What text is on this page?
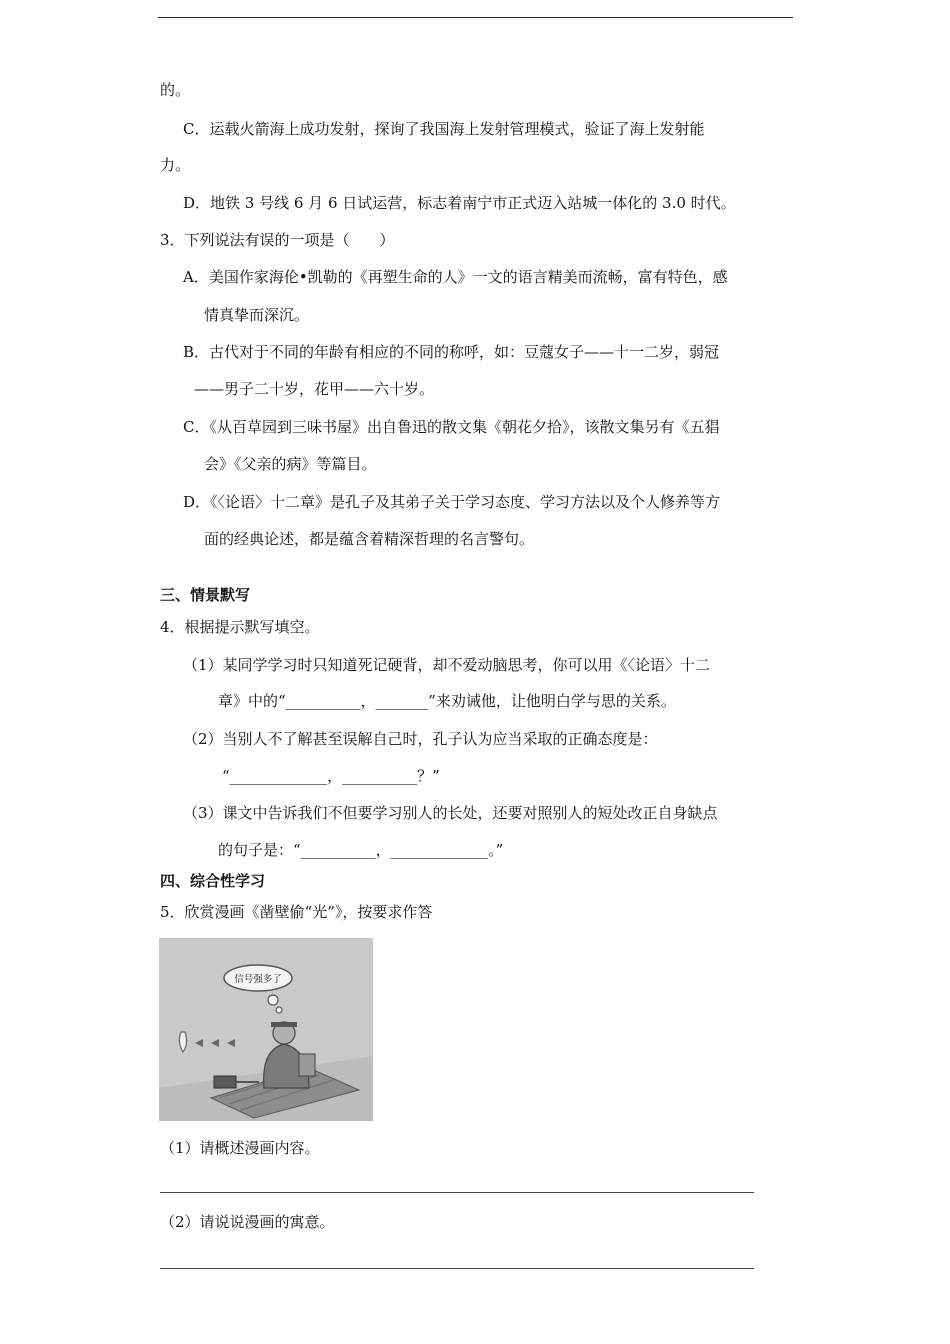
的。
C．运载火箭海上成功发射，探询了我国海上发射管理模式，验证了海上发射能
力。
D．地铁 3 号线 6 月 6 日试运营，标志着南宁市正式迈入站城一体化的 3.0 时代。
3．下列说法有误的一项是（　　）
A．美国作家海伦•凯勒的《再塑生命的人》一文的语言精美而流畅，富有特色，感
情真挚而深沉。
B．古代对于不同的年龄有相应的不同的称呼，如：豆蔻女子——十一二岁，弱冠
——男子二十岁，花甲——六十岁。
C．《从百草园到三味书屋》出自鲁迅的散文集《朝花夕拾》，该散文集另有《五猖
会》《父亲的病》等篇目。
D．《〈论语〉十二章》是孔子及其弟子关于学习态度、学习方法以及个人修养等方
面的经典论述，都是蕴含着精深哲理的名言警句。
三、情景默写
4．根据提示默写填空。
（1）某同学学习时只知道死记硬背，却不爱动脑思考，你可以用《〈论语〉十二
章》中的“__________，_______”来劝诫他，让他明白学与思的关系。
（2）当别人不了解甚至误解自己时，孔子认为应当采取的正确态度是：
“_____________，__________？”
（3）课文中告诉我们不但要学习别人的长处，还要对照别人的短处改正自身缺点
的句子是：“__________，_____________。”
四、综合性学习
5．欣赏漫画《凿壁偷“光”》，按要求作答
信号强多了
（1）请概述漫画内容。
（2）请说说漫画的寓意。
